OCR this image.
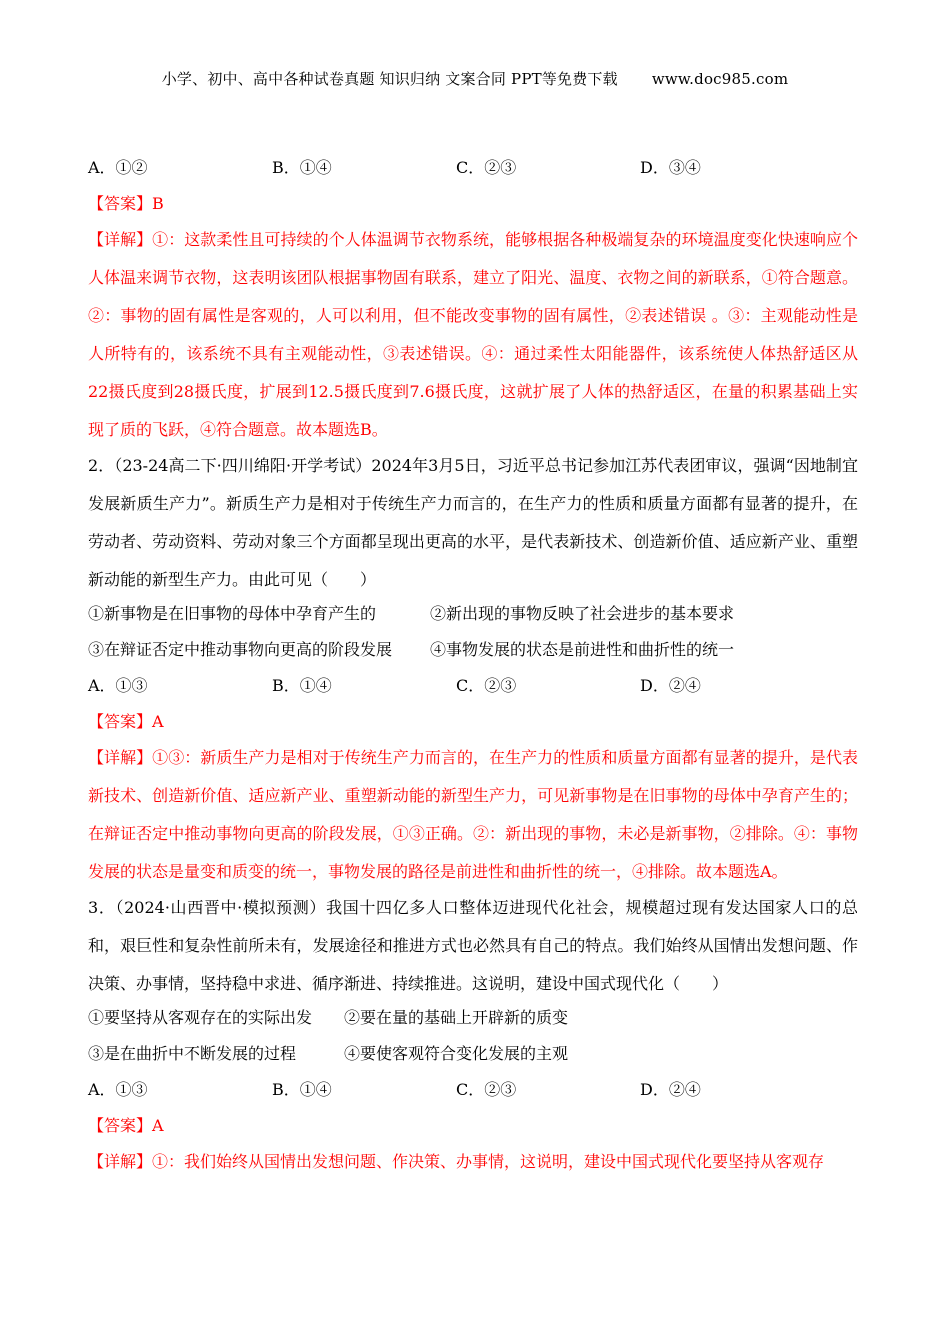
小学、初中、高中各种试卷真题 知识归纳 文案合同 PPT等免费下载 www.doc985.com
A．①②	B．①④	C．②③	D．③④
【答案】B
【详解】①：这款柔性且可持续的个人体温调节衣物系统，能够根据各种极端复杂的环境温度变化快速响应个人体温来调节衣物，这表明该团队根据事物固有联系，建立了阳光、温度、衣物之间的新联系，①符合题意。②：事物的固有属性是客观的，人可以利用，但不能改变事物的固有属性，②表述错误 。③：主观能动性是人所特有的，该系统不具有主观能动性，③表述错误。④：通过柔性太阳能器件，该系统使人体热舒适区从22摄氏度到28摄氏度，扩展到12.5摄氏度到7.6摄氏度，这就扩展了人体的热舒适区，在量的积累基础上实现了质的飞跃，④符合题意。故本题选B。
2．（23-24高二下·四川绵阳·开学考试）2024年3月5日，习近平总书记参加江苏代表团审议，强调“因地制宜发展新质生产力”。新质生产力是相对于传统生产力而言的，在生产力的性质和质量方面都有显著的提升，在劳动者、劳动资料、劳动对象三个方面都呈现出更高的水平，是代表新技术、创造新价值、适应新产业、重塑新动能的新型生产力。由此可见（　　）
①新事物是在旧事物的母体中孕育产生的	②新出现的事物反映了社会进步的基本要求
③在辩证否定中推动事物向更高的阶段发展 ④事物发展的状态是前进性和曲折性的统一
A．①③	B．①④	C．②③	D．②④
【答案】A
【详解】①③：新质生产力是相对于传统生产力而言的，在生产力的性质和质量方面都有显著的提升，是代表新技术、创造新价值、适应新产业、重塑新动能的新型生产力，可见新事物是在旧事物的母体中孕育产生的；在辩证否定中推动事物向更高的阶段发展，①③正确。②：新出现的事物，未必是新事物，②排除。④：事物发展的状态是量变和质变的统一，事物发展的路径是前进性和曲折性的统一，④排除。故本题选A。
3．（2024·山西晋中·模拟预测）我国十四亿多人口整体迈进现代化社会，规模超过现有发达国家人口的总和，艰巨性和复杂性前所未有，发展途径和推进方式也必然具有自己的特点。我们始终从国情出发想问题、作决策、办事情，坚持稳中求进、循序渐进、持续推进。这说明，建设中国式现代化（　　）
①要坚持从客观存在的实际出发 ②要在量的基础上开辟新的质变
③是在曲折中不断发展的过程	④要使客观符合变化发展的主观
A．①③	B．①④	C．②③	D．②④
【答案】A
【详解】①：我们始终从国情出发想问题、作决策、办事情，这说明，建设中国式现代化要坚持从客观存
